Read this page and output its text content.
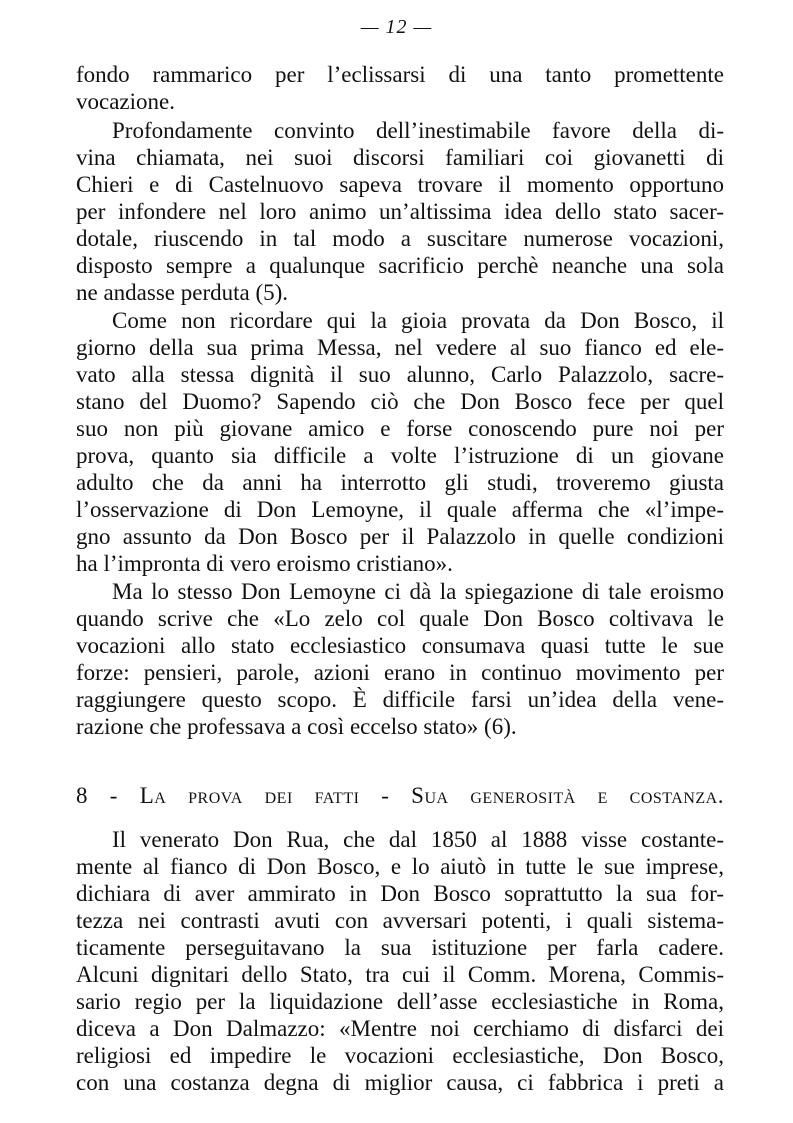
— 12 —
fondo rammarico per l’eclissarsi di una tanto promettente
vocazione.
Profondamente convinto dell’inestimabile favore della di-
vina chiamata, nei suoi discorsi familiari coi giovanetti di
Chieri e di Castelnuovo sapeva trovare il momento opportuno
per infondere nel loro animo un’altissima idea dello stato sacer-
dotale, riuscendo in tal modo a suscitare numerose vocazioni,
disposto sempre a qualunque sacrificio perchè neanche una sola
ne andasse perduta (5).
Come non ricordare qui la gioia provata da Don Bosco, il
giorno della sua prima Messa, nel vedere al suo fianco ed ele-
vato alla stessa dignità il suo alunno, Carlo Palazzolo, sacre-
stano del Duomo? Sapendo ciò che Don Bosco fece per quel
suo non più giovane amico e forse conoscendo pure noi per
prova, quanto sia difficile a volte l’istruzione di un giovane
adulto che da anni ha interrotto gli studi, troveremo giusta
l’osservazione di Don Lemoyne, il quale afferma che «l’impe-
gno assunto da Don Bosco per il Palazzolo in quelle condizioni
ha l’impronta di vero eroismo cristiano».
Ma lo stesso Don Lemoyne ci dà la spiegazione di tale eroismo
quando scrive che «Lo zelo col quale Don Bosco coltivava le
vocazioni allo stato ecclesiastico consumava quasi tutte le sue
forze: pensieri, parole, azioni erano in continuo movimento per
raggiungere questo scopo. È difficile farsi un’idea della vene-
razione che professava a così eccelso stato» (6).
8 - La prova dei fatti - Sua generosità e costanza.
Il venerato Don Rua, che dal 1850 al 1888 visse costante-
mente al fianco di Don Bosco, e lo aiutò in tutte le sue imprese,
dichiara di aver ammirato in Don Bosco soprattutto la sua for-
tezza nei contrasti avuti con avversari potenti, i quali sistema-
ticamente perseguitavano la sua istituzione per farla cadere.
Alcuni dignitari dello Stato, tra cui il Comm. Morena, Commis-
sario regio per la liquidazione dell’asse ecclesiastiche in Roma,
diceva a Don Dalmazzo: «Mentre noi cerchiamo di disfarci dei
religiosi ed impedire le vocazioni ecclesiastiche, Don Bosco,
con una costanza degna di miglior causa, ci fabbrica i preti a
